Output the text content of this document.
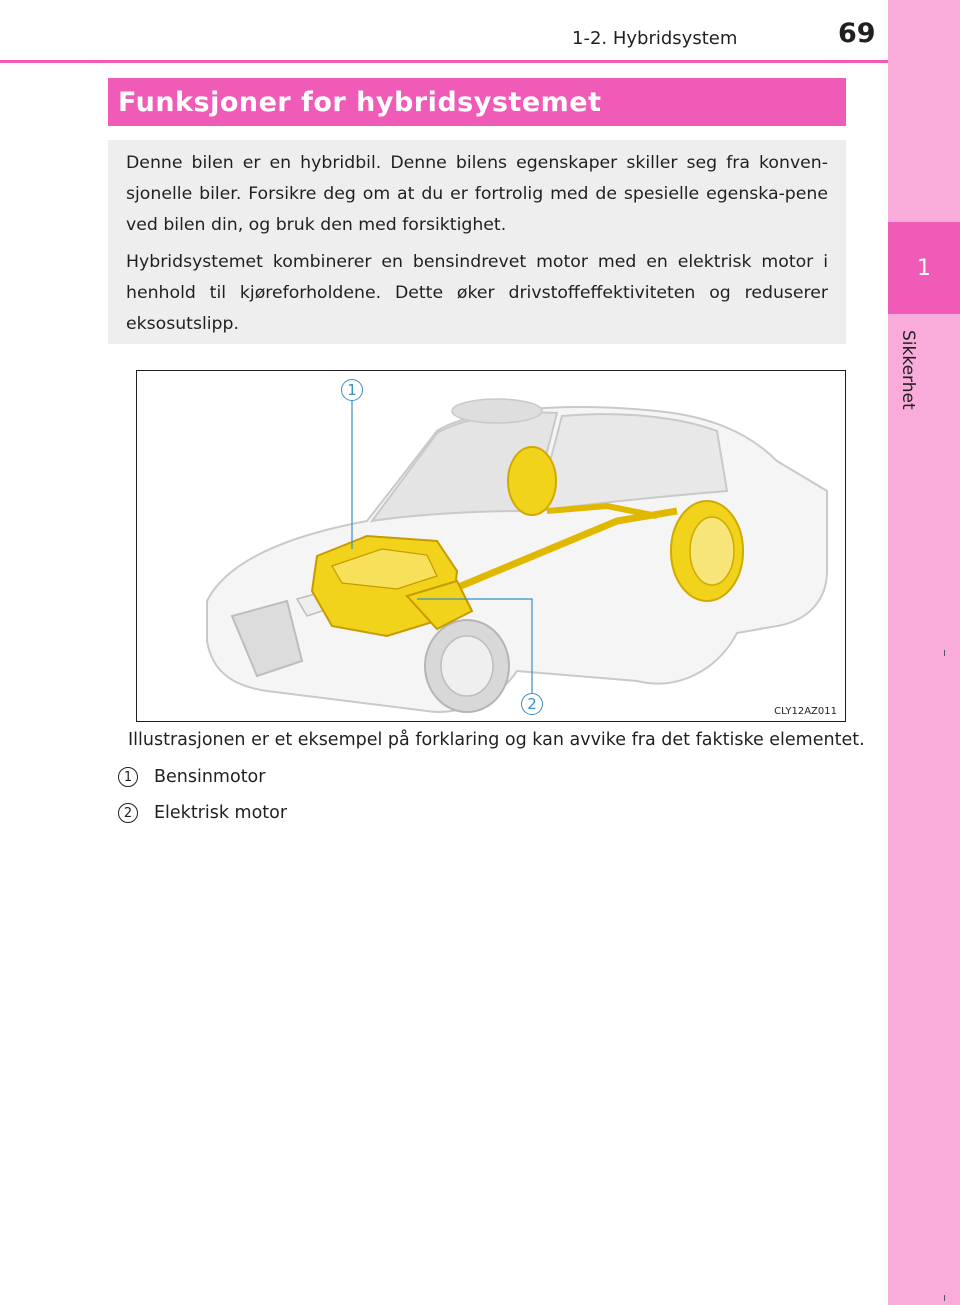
1
Sikkerhet
1-2. Hybridsystem	69
Funksjoner for hybridsystemet

Denne bilen er en hybridbil. Denne bilens egenskaper skiller seg fra konven-sjonelle biler. Forsikre deg om at du er fortrolig med de spesielle egenska-pene ved bilen din, og bruk den med forsiktighet.

Hybridsystemet kombinerer en bensindrevet motor med en elektrisk motor i henhold til kjøreforholdene. Dette øker drivstoffeffektiviteten og reduserer eksosutslipp.

1
2	CLY12AZ011
Illustrasjonen er et eksempel på forklaring og kan avvike fra det faktiske elementet.
1	Bensinmotor
2	Elektrisk motor
